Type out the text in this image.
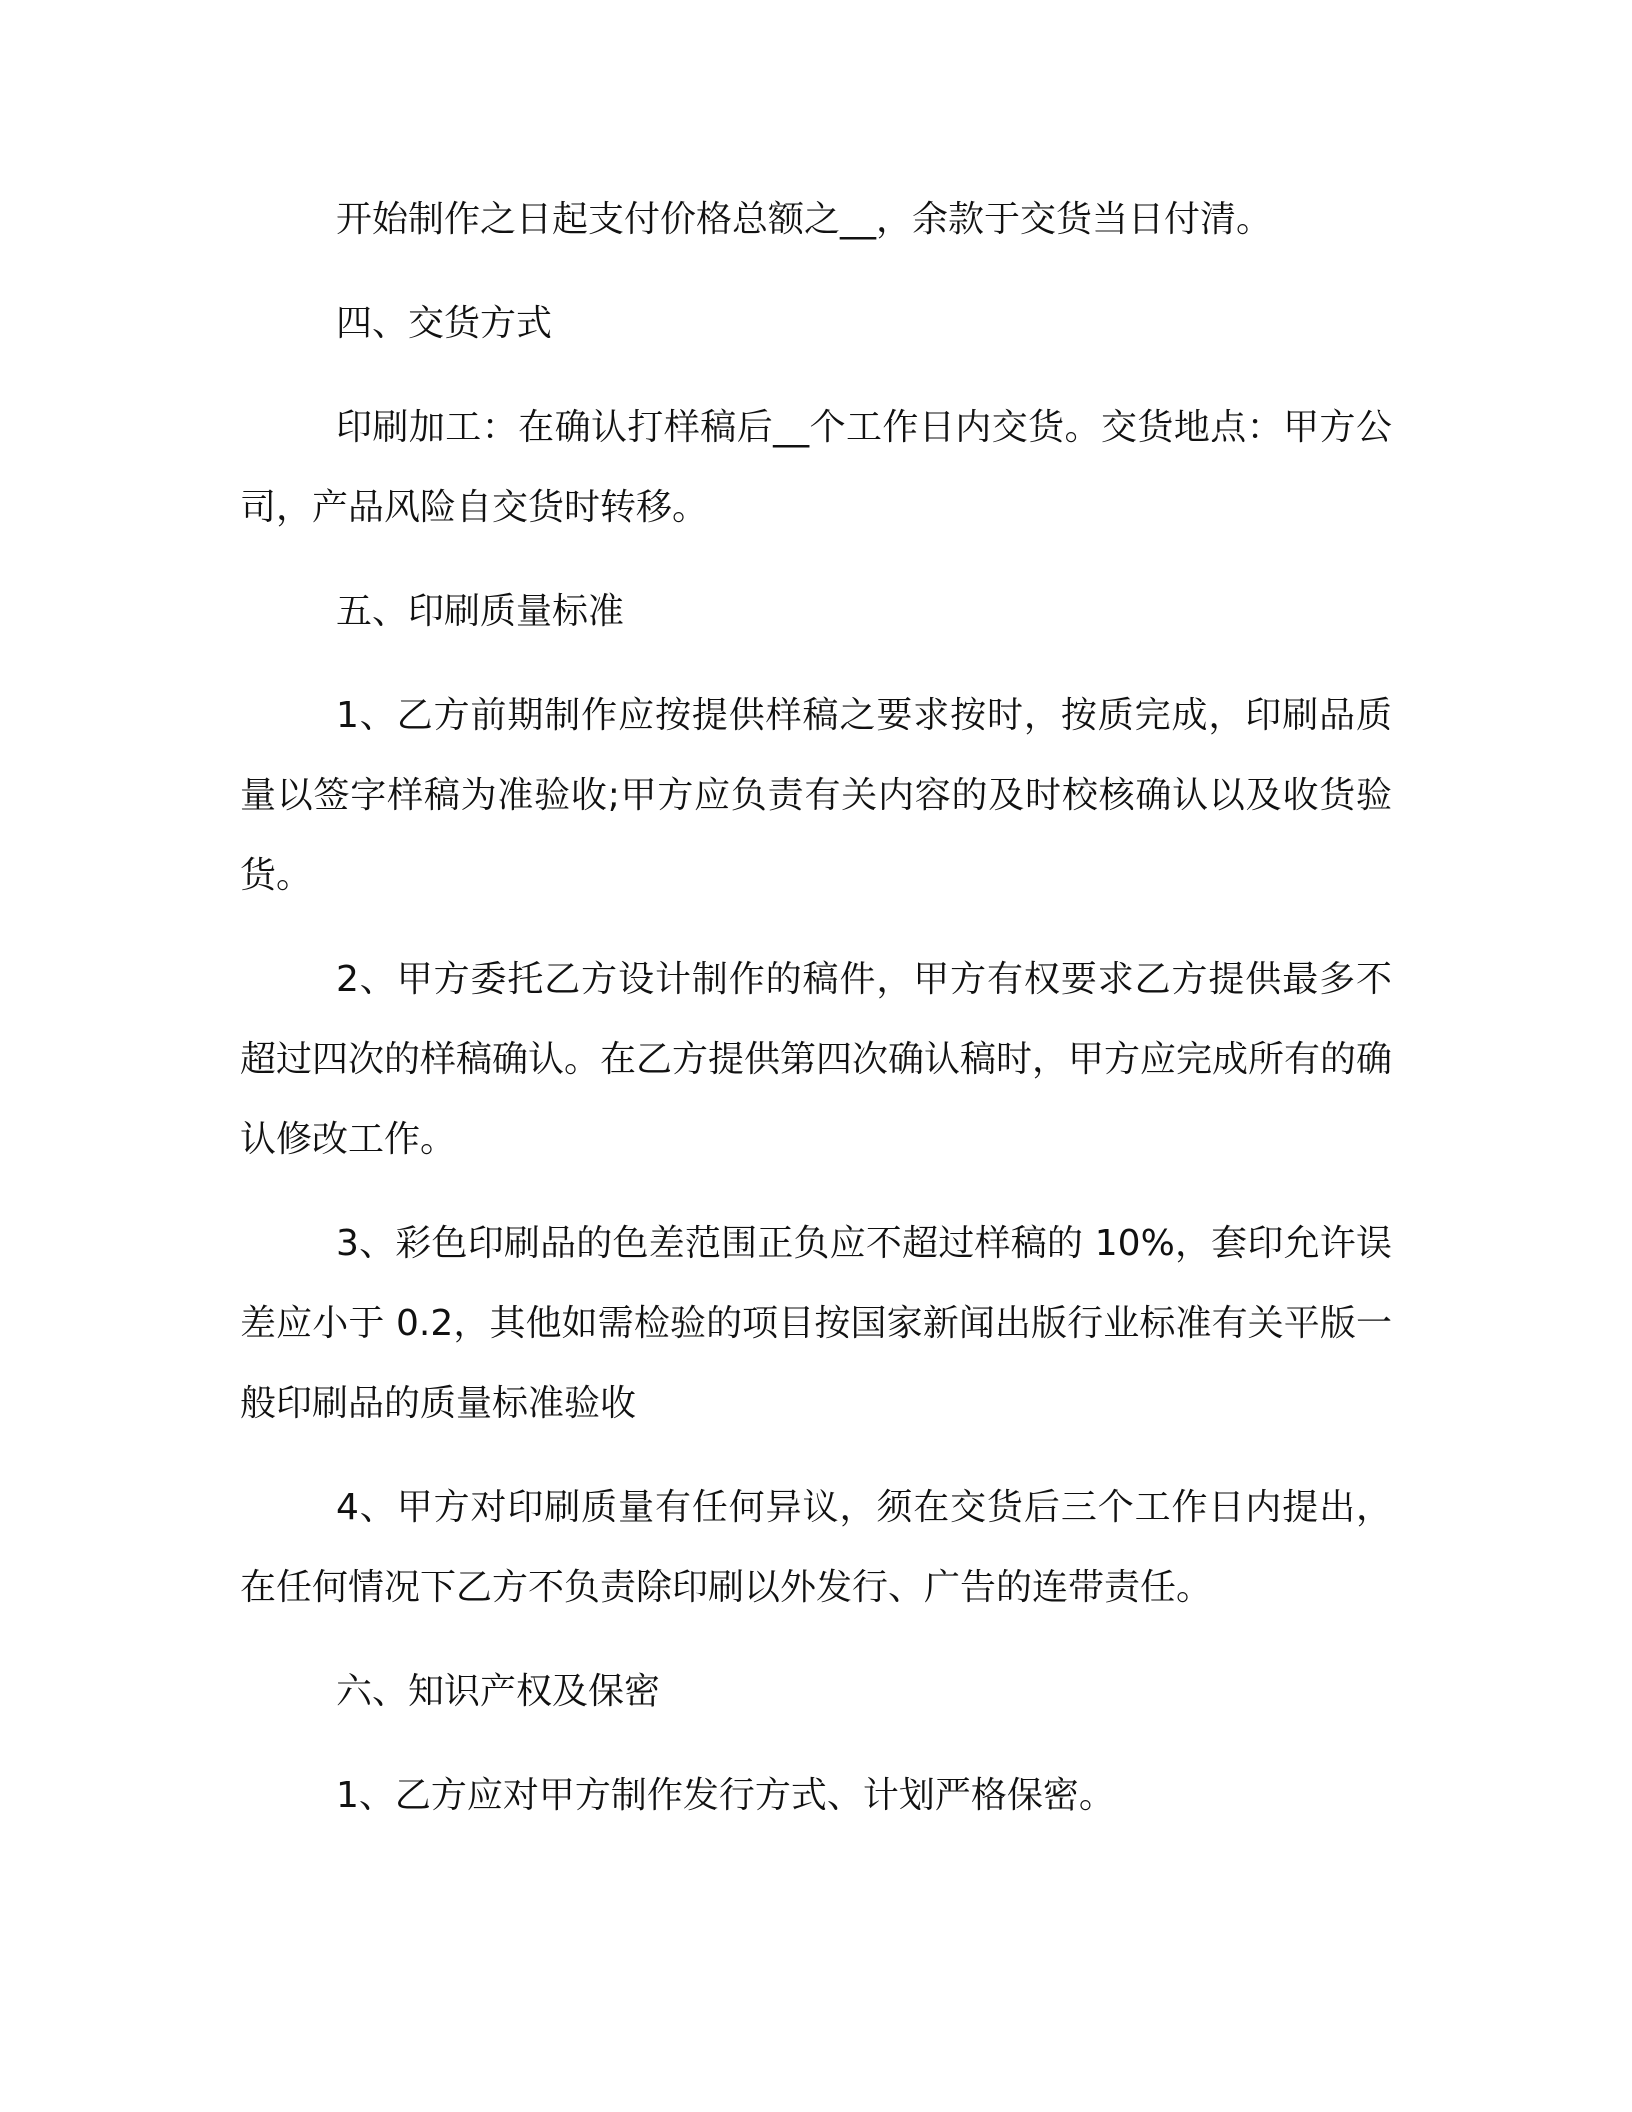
开始制作之日起支付价格总额之__，余款于交货当日付清。

四、交货方式

印刷加工：在确认打样稿后__个工作日内交货。交货地点：甲方公司，产品风险自交货时转移。

五、印刷质量标准

1、乙方前期制作应按提供样稿之要求按时，按质完成，印刷品质量以签字样稿为准验收;甲方应负责有关内容的及时校核确认以及收货验货。

2、甲方委托乙方设计制作的稿件，甲方有权要求乙方提供最多不超过四次的样稿确认。在乙方提供第四次确认稿时，甲方应完成所有的确认修改工作。

3、彩色印刷品的色差范围正负应不超过样稿的 10%，套印允许误差应小于 0.2，其他如需检验的项目按国家新闻出版行业标准有关平版一般印刷品的质量标准验收

4、甲方对印刷质量有任何异议，须在交货后三个工作日内提出，在任何情况下乙方不负责除印刷以外发行、广告的连带责任。

六、知识产权及保密

1、乙方应对甲方制作发行方式、计划严格保密。
